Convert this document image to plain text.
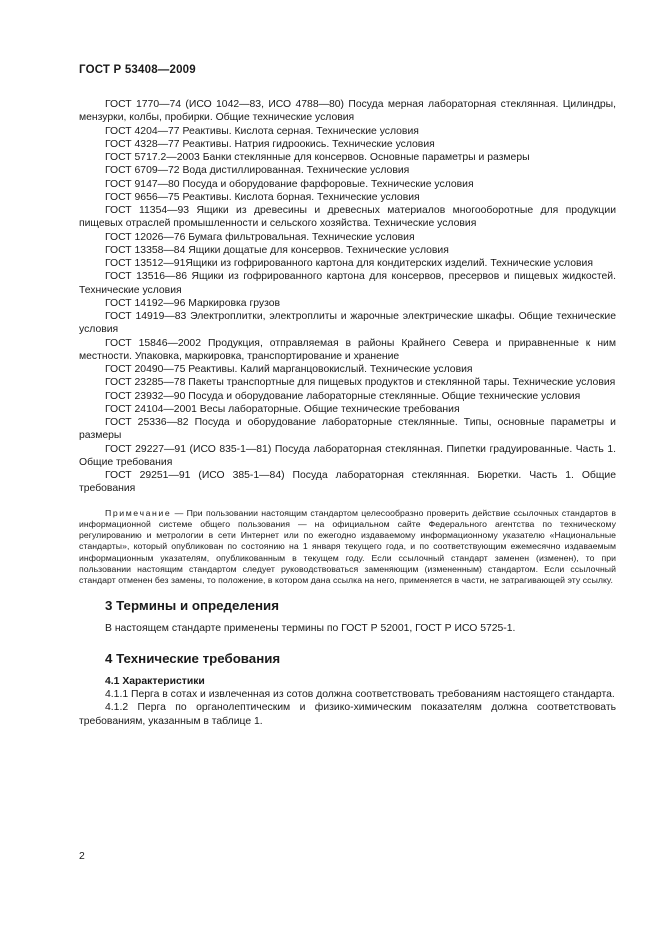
ГОСТ Р 53408—2009
ГОСТ 1770—74 (ИСО 1042—83, ИСО 4788—80) Посуда мерная лабораторная стеклянная. Цилиндры, мензурки, колбы, пробирки. Общие технические условия
ГОСТ 4204—77 Реактивы. Кислота серная. Технические условия
ГОСТ 4328—77 Реактивы. Натрия гидроокись. Технические условия
ГОСТ 5717.2—2003 Банки стеклянные для консервов. Основные параметры и размеры
ГОСТ 6709—72 Вода дистиллированная. Технические условия
ГОСТ 9147—80 Посуда и оборудование фарфоровые. Технические условия
ГОСТ 9656—75 Реактивы. Кислота борная. Технические условия
ГОСТ 11354—93 Ящики из древесины и древесных материалов многооборотные для продукции пищевых отраслей промышленности и сельского хозяйства. Технические условия
ГОСТ 12026—76 Бумага фильтровальная. Технические условия
ГОСТ 13358—84 Ящики дощатые для консервов. Технические условия
ГОСТ 13512—91Ящики из гофрированного картона для кондитерских изделий. Технические условия
ГОСТ 13516—86 Ящики из гофрированного картона для консервов, пресервов и пищевых жидкостей. Технические условия
ГОСТ 14192—96 Маркировка грузов
ГОСТ 14919—83 Электроплитки, электроплиты и жарочные электрические шкафы. Общие технические условия
ГОСТ 15846—2002 Продукция, отправляемая в районы Крайнего Севера и приравненные к ним местности. Упаковка, маркировка, транспортирование и хранение
ГОСТ 20490—75 Реактивы. Калий марганцовокислый. Технические условия
ГОСТ 23285—78 Пакеты транспортные для пищевых продуктов и стеклянной тары. Технические условия
ГОСТ 23932—90 Посуда и оборудование лабораторные стеклянные. Общие технические условия
ГОСТ 24104—2001 Весы лабораторные. Общие технические требования
ГОСТ 25336—82 Посуда и оборудование лабораторные стеклянные. Типы, основные параметры и размеры
ГОСТ 29227—91 (ИСО 835-1—81) Посуда лабораторная стеклянная. Пипетки градуированные. Часть 1. Общие требования
ГОСТ 29251—91 (ИСО 385-1—84) Посуда лабораторная стеклянная. Бюретки. Часть 1. Общие требования
Примечание — При пользовании настоящим стандартом целесообразно проверить действие ссылочных стандартов в информационной системе общего пользования — на официальном сайте Федерального агентства по техническому регулированию и метрологии в сети Интернет или по ежегодно издаваемому информационному указателю «Национальные стандарты», который опубликован по состоянию на 1 января текущего года, и по соответствующим ежемесячно издаваемым информационным указателям, опубликованным в текущем году. Если ссылочный стандарт заменен (изменен), то при пользовании настоящим стандартом следует руководствоваться заменяющим (измененным) стандартом. Если ссылочный стандарт отменен без замены, то положение, в котором дана ссылка на него, применяется в части, не затрагивающей эту ссылку.
3 Термины и определения
В настоящем стандарте применены термины по ГОСТ Р 52001, ГОСТ Р ИСО 5725-1.
4 Технические требования
4.1 Характеристики
4.1.1 Перга в сотах и извлеченная из сотов должна соответствовать требованиям настоящего стандарта.
4.1.2 Перга по органолептическим и физико-химическим показателям должна соответствовать требованиям, указанным в таблице 1.
2
